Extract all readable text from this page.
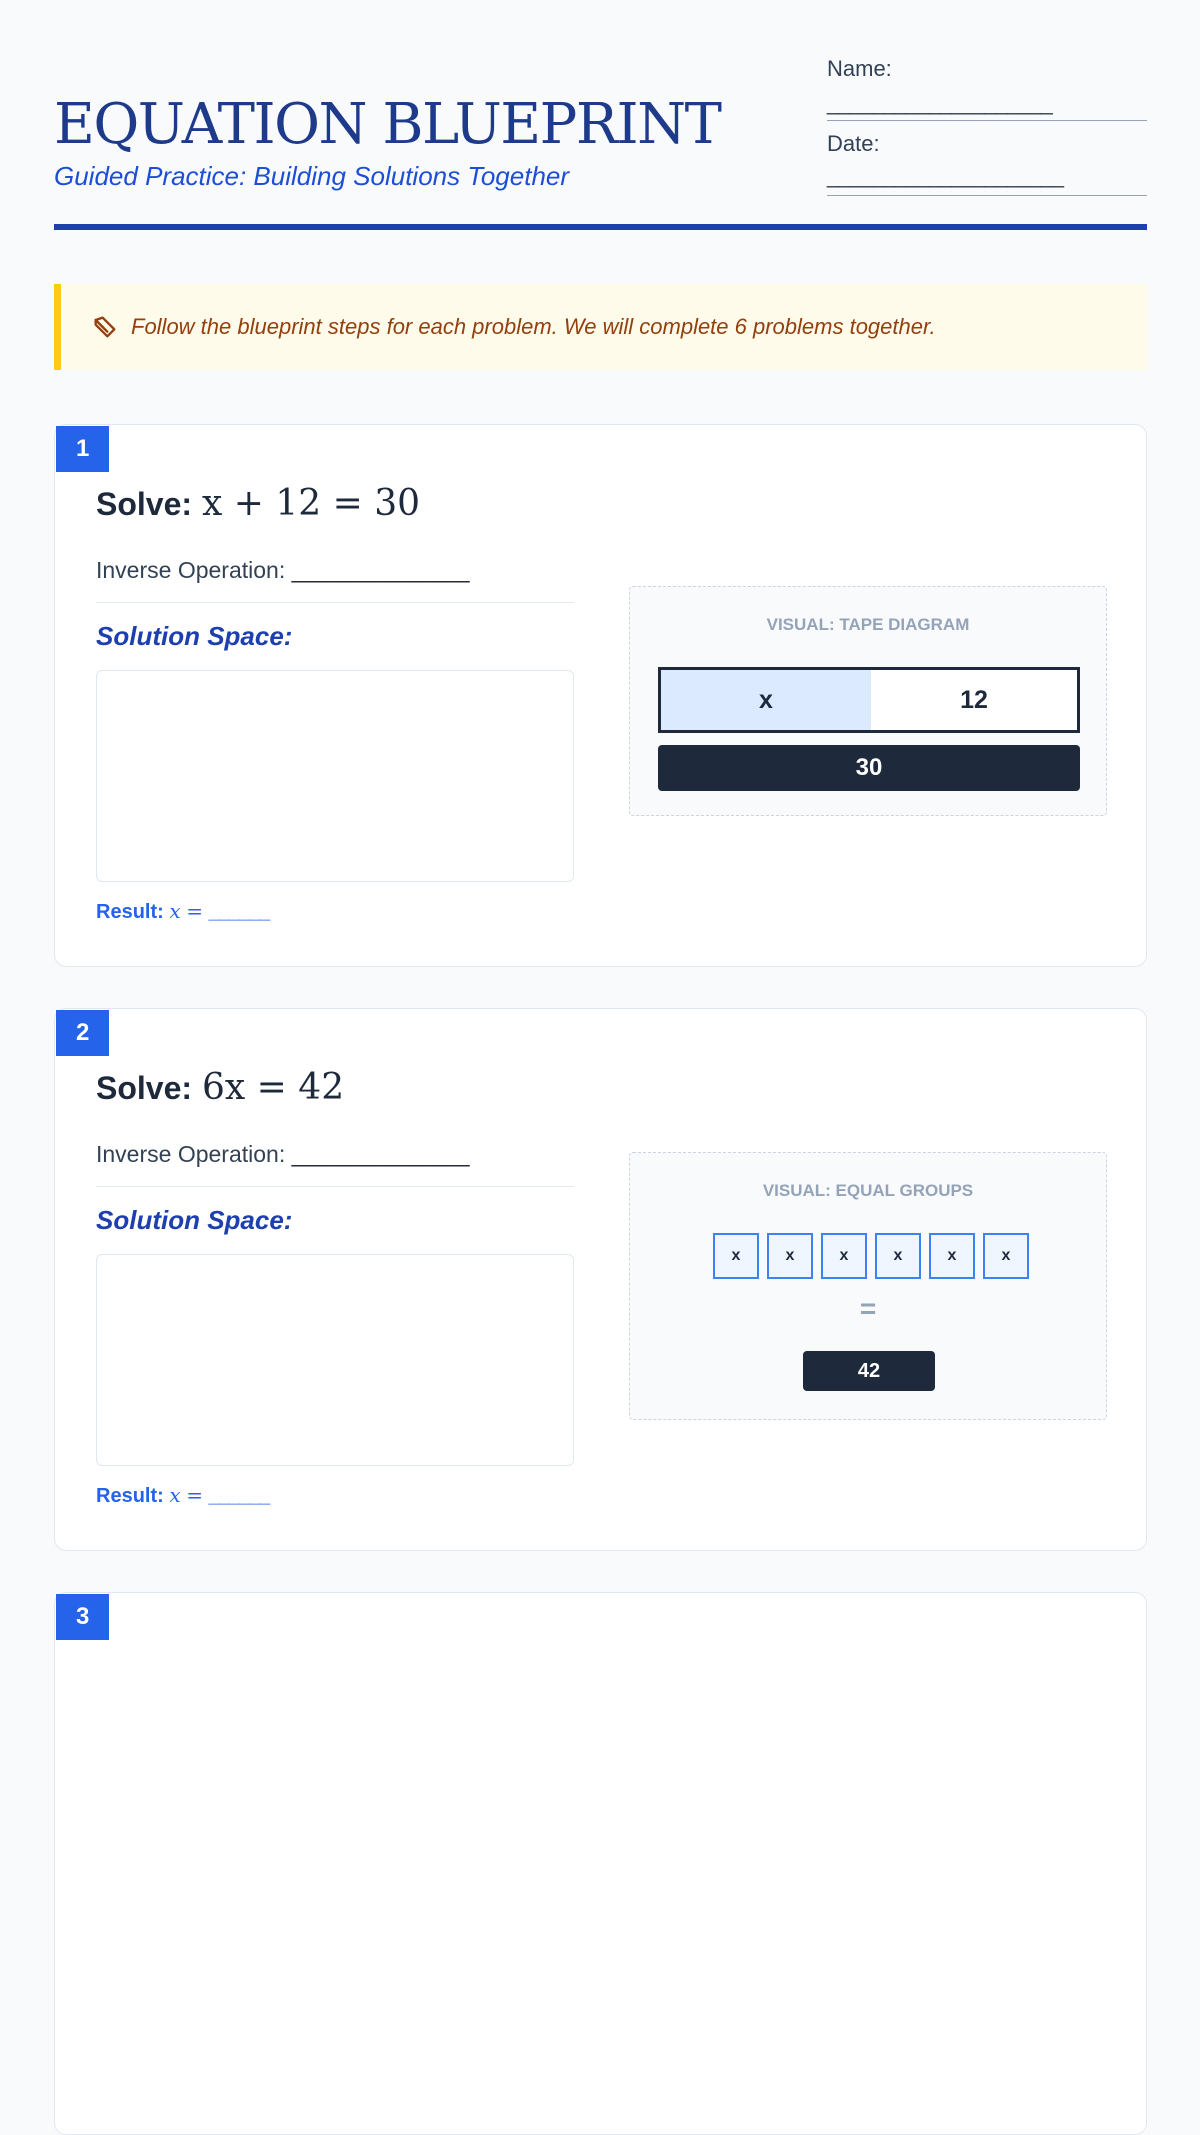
EQUATION BLUEPRINT
Guided Practice: Building Solutions Together
Name:
____________________
Date:
_____________________
Follow the blueprint steps for each problem. We will complete 6 problems together.
1
Solve: x + 12 = 30
Inverse Operation: _______________
Solution Space:
Result: x = ______
VISUAL: TAPE DIAGRAM
x	12
30
2
Solve: 6x = 42
Inverse Operation: _______________
Solution Space:
Result: x = ______
VISUAL: EQUAL GROUPS
x	x	x	x	x	x
=
42
3
